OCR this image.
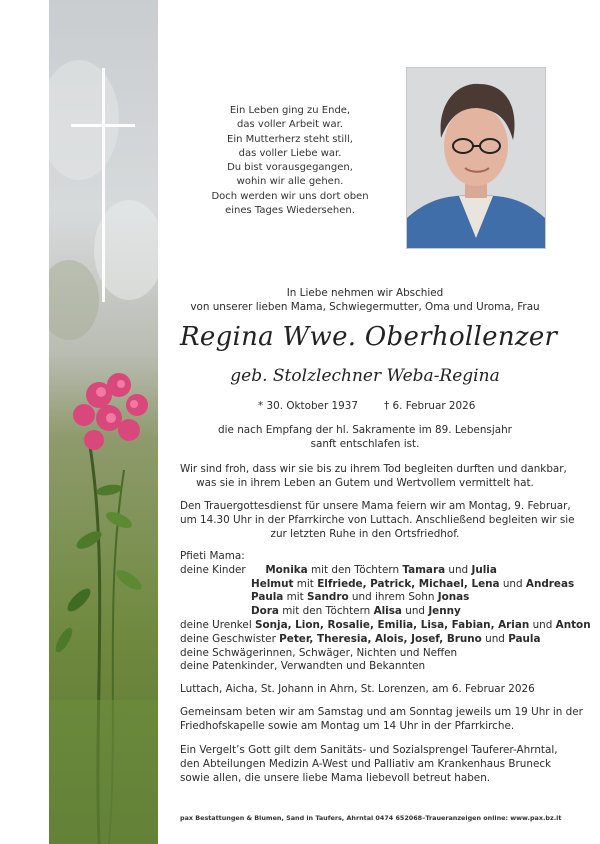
Ein Leben ging zu Ende,
das voller Arbeit war.
Ein Mutterherz steht still,
das voller Liebe war.
Du bist vorausgegangen,
wohin wir alle gehen.
Doch werden wir uns dort oben
eines Tages Wiedersehen.
In Liebe nehmen wir Abschied
von unserer lieben Mama, Schwiegermutter, Oma und Uroma, Frau
Regina Wwe. Oberhollenzer
geb. Stolzlechner Weba-Regina
* 30. Oktober 1937	† 6. Februar 2026
die nach Empfang der hl. Sakramente im 89. Lebensjahr
sanft entschlafen ist.
Wir sind froh, dass wir sie bis zu ihrem Tod begleiten durften und dankbar,
was sie in ihrem Leben an Gutem und Wertvollem vermittelt hat.
Den Trauergottesdienst für unsere Mama feiern wir am Montag, 9. Februar,
um 14.30 Uhr in der Pfarrkirche von Luttach. Anschließend begleiten wir sie
zur letzten Ruhe in den Ortsfriedhof.
Pfieti Mama:
deine Kinder Monika mit den Töchtern Tamara und Julia
Helmut mit Elfriede, Patrick, Michael, Lena und Andreas
Paula mit Sandro und ihrem Sohn Jonas
Dora mit den Töchtern Alisa und Jenny
deine Urenkel Sonja, Lion, Rosalie, Emilia, Lisa, Fabian, Arian und Anton
deine Geschwister Peter, Theresia, Alois, Josef, Bruno und Paula
deine Schwägerinnen, Schwäger, Nichten und Neffen
deine Patenkinder, Verwandten und Bekannten
Luttach, Aicha, St. Johann in Ahrn, St. Lorenzen, am 6. Februar 2026
Gemeinsam beten wir am Samstag und am Sonntag jeweils um 19 Uhr in der
Friedhofskapelle sowie am Montag um 14 Uhr in der Pfarrkirche.
Ein Vergelt’s Gott gilt dem Sanitäts- und Sozialsprengel Tauferer-Ahrntal,
den Abteilungen Medizin A-West und Palliativ am Krankenhaus Bruneck
sowie allen, die unsere liebe Mama liebevoll betreut haben.
pax Bestattungen & Blumen, Sand in Taufers, Ahrntal 0474 652068–Traueranzeigen online: www.pax.bz.it
